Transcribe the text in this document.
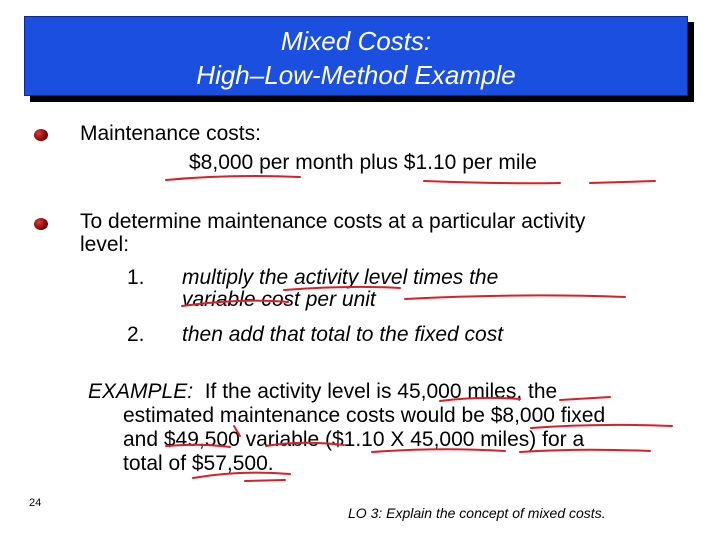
Mixed Costs:
High–Low-Method Example
Maintenance costs:
$8,000 per month plus $1.10 per mile
To determine maintenance costs at a particular activity
level:
1. multiply the activity level times the
variable cost per unit
2. then add that total to the fixed cost
EXAMPLE: If the activity level is 45,000 miles, the
estimated maintenance costs would be $8,000 fixed
and $49,500 variable ($1.10 X 45,000 miles) for a
total of $57,500.
24
LO 3: Explain the concept of mixed costs.
